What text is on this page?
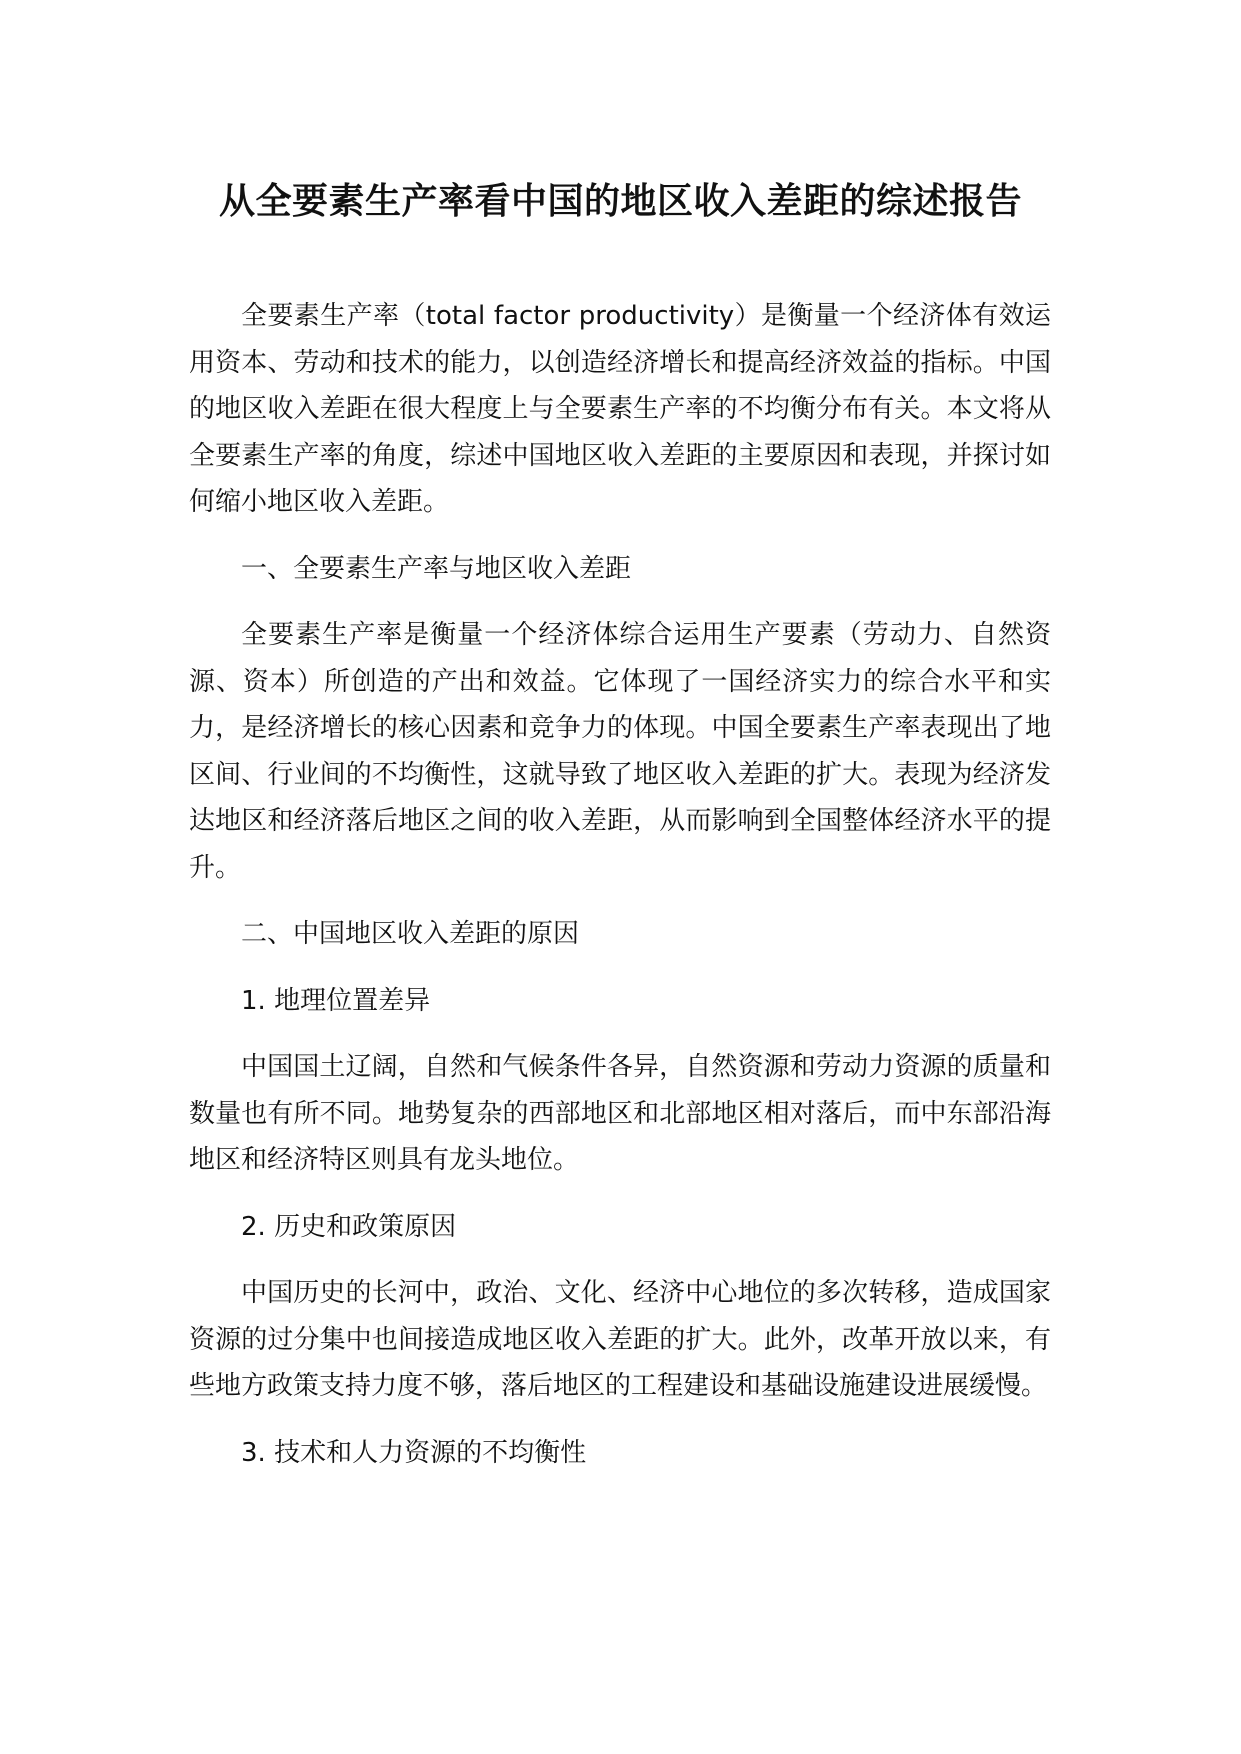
从全要素生产率看中国的地区收入差距的综述报告

全要素生产率（total factor productivity）是衡量一个经济体有效运用资本、劳动和技术的能力，以创造经济增长和提高经济效益的指标。中国的地区收入差距在很大程度上与全要素生产率的不均衡分布有关。本文将从全要素生产率的角度，综述中国地区收入差距的主要原因和表现，并探讨如何缩小地区收入差距。

一、全要素生产率与地区收入差距

全要素生产率是衡量一个经济体综合运用生产要素（劳动力、自然资源、资本）所创造的产出和效益。它体现了一国经济实力的综合水平和实力，是经济增长的核心因素和竞争力的体现。中国全要素生产率表现出了地区间、行业间的不均衡性，这就导致了地区收入差距的扩大。表现为经济发达地区和经济落后地区之间的收入差距，从而影响到全国整体经济水平的提升。

二、中国地区收入差距的原因

1. 地理位置差异

中国国土辽阔，自然和气候条件各异，自然资源和劳动力资源的质量和数量也有所不同。地势复杂的西部地区和北部地区相对落后，而中东部沿海地区和经济特区则具有龙头地位。

2. 历史和政策原因

中国历史的长河中，政治、文化、经济中心地位的多次转移，造成国家资源的过分集中也间接造成地区收入差距的扩大。此外，改革开放以来，有些地方政策支持力度不够，落后地区的工程建设和基础设施建设进展缓慢。

3. 技术和人力资源的不均衡性
